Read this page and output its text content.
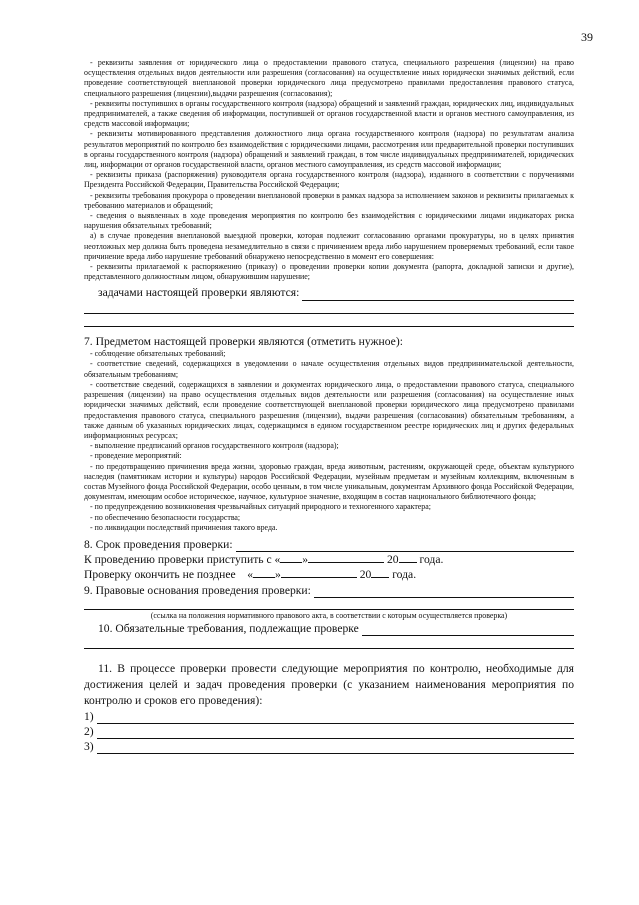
39

- реквизиты заявления от юридического лица о предоставлении правового статуса, специального разрешения (лицензии) на право осуществления отдельных видов деятельности или разрешения (согласования) на осуществление иных юридически значимых действий, если проведение соответствующей внеплановой проверки юридического лица предусмотрено правилами предоставления правового статуса, специального разрешения (лицензии),выдачи разрешения (согласования);

- реквизиты поступивших в органы государственного контроля (надзора) обращений и заявлений граждан, юридических лиц, индивидуальных предпринимателей, а также сведения об информации, поступившей от органов государственной власти и органов местного самоуправления, из средств массовой информации;

- реквизиты мотивированного представления должностного лица органа государственного контроля (надзора) по результатам анализа результатов мероприятий по контролю без взаимодействия с юридическими лицами, рассмотрения или предварительной проверки поступивших в органы государственного контроля (надзора) обращений и заявлений граждан, в том числе индивидуальных предпринимателей, юридических лиц, информации от органов государственной власти, органов местного самоуправления, из средств массовой информации;

- реквизиты приказа (распоряжения) руководителя органа государственного контроля (надзора), изданного в соответствии с поручениями Президента Российской Федерации, Правительства Российской Федерации;

- реквизиты требования прокурора о проведении внеплановой проверки в рамках надзора за исполнением законов и реквизиты прилагаемых к требованию материалов и обращений;

- сведения о выявленных в ходе проведения мероприятия по контролю без взаимодействия с юридическими лицами индикаторах риска нарушения обязательных требований;

а) в случае проведения внеплановой выездной проверки, которая подлежит согласованию органами прокуратуры, но в целях принятия неотложных мер должна быть проведена незамедлительно в связи с причинением вреда либо нарушением проверяемых требований, если такое причинение вреда либо нарушение требований обнаружено непосредственно в момент его совершения:

- реквизиты прилагаемой к распоряжению (приказу) о проведении проверки копии документа (рапорта, докладной записки и другие), представленного должностным лицом, обнаружившим нарушение;

задачами настоящей проверки являются:

7. Предметом настоящей проверки являются (отметить нужное):

- соблюдение обязательных требований;

- соответствие сведений, содержащихся в уведомлении о начале осуществления отдельных видов предпринимательской деятельности, обязательным требованиям;

- соответствие сведений, содержащихся в заявлении и документах юридического лица, о предоставлении правового статуса, специального разрешения (лицензии) на право осуществления отдельных видов деятельности или разрешения (согласования) на осуществление иных юридически значимых действий, если проведение соответствующей внеплановой проверки юридического лица предусмотрено правилами предоставления правового статуса, специального разрешения (лицензии), выдачи разрешения (согласования) обязательным требованиям, а также данным об указанных юридических лицах, содержащимся в едином государственном реестре юридических лиц и других федеральных информационных ресурсах;

- выполнение предписаний органов государственного контроля (надзора);

- проведение мероприятий:

- по предотвращению причинения вреда жизни, здоровью граждан, вреда животным, растениям, окружающей среде, объектам культурного наследия (памятникам истории и культуры) народов Российской Федерации, музейным предметам и музейным коллекциям, включенным в состав Музейного фонда Российской Федерации, особо ценным, в том числе уникальным, документам Архивного фонда Российской Федерации, документам, имеющим особое историческое, научное, культурное значение, входящим в состав национального библиотечного фонда;

- по предупреждению возникновения чрезвычайных ситуаций природного и техногенного характера;

- по обеспечению безопасности государства;

- по ликвидации последствий причинения такого вреда.

8. Срок проведения проверки:
К проведению проверки приступить с « »	20 года.
Проверку окончить не позднее « »	20 года.
9. Правовые основания проведения проверки:

(ссылка на положения нормативного правового акта, в соответствии с которым осуществляется проверка)

10. Обязательные требования, подлежащие проверке

11. В процессе проверки провести следующие мероприятия по контролю, необходимые для достижения целей и задач проведения проверки (с указанием наименования мероприятия по контролю и сроков его проведения):

1)
2)
3)
